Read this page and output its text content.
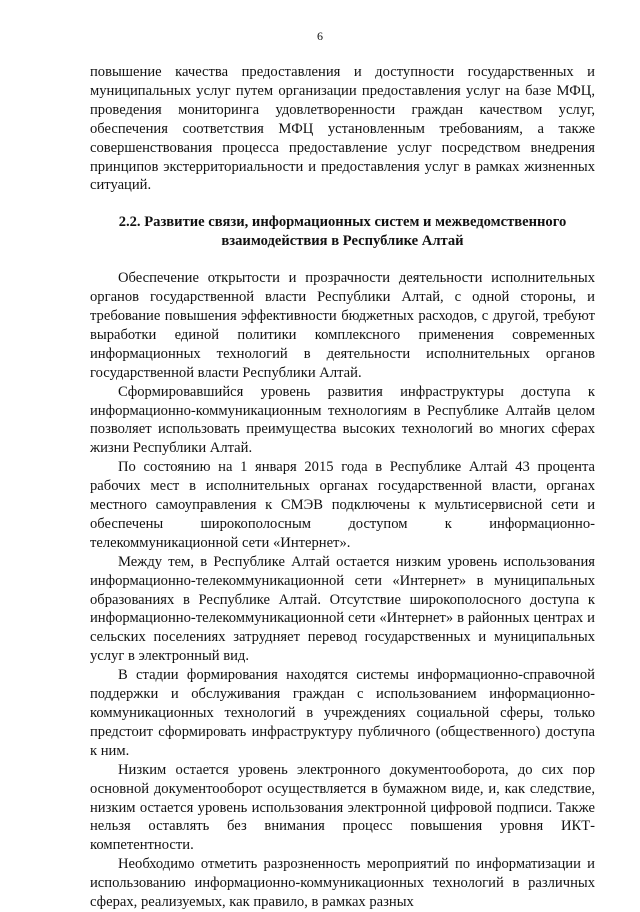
6

повышение качества предоставления и доступности государственных и муниципальных услуг путем организации предоставления услуг на базе МФЦ, проведения мониторинга удовлетворенности граждан качеством услуг, обеспечения соответствия МФЦ установленным требованиям, а также совершенствования процесса предоставление услуг посредством внедрения принципов экстерриториальности и предоставления услуг в рамках жизненных ситуаций.

2.2. Развитие связи, информационных систем и межведомственного взаимодействия в Республике Алтай

Обеспечение открытости и прозрачности деятельности исполнительных органов государственной власти Республики Алтай, с одной стороны, и требование повышения эффективности бюджетных расходов, с другой, требуют выработки единой политики комплексного применения современных информационных технологий в деятельности исполнительных органов государственной власти Республики Алтай.

Сформировавшийся уровень развития инфраструктуры доступа к информационно-коммуникационным технологиям в Республике Алтайв целом позволяет использовать преимущества высоких технологий во многих сферах жизни Республики Алтай.

По состоянию на 1 января 2015 года в Республике Алтай 43 процента рабочих мест в исполнительных органах государственной власти, органах местного самоуправления к СМЭВ подключены к мультисервисной сети и обеспечены широкополосным доступом к информационно-телекоммуникационной сети «Интернет».

Между тем, в Республике Алтай остается низким уровень использования информационно-телекоммуникационной сети «Интернет» в муниципальных образованиях в Республике Алтай. Отсутствие широкополосного доступа к информационно-телекоммуникационной сети «Интернет» в районных центрах и сельских поселениях затрудняет перевод государственных и муниципальных услуг в электронный вид.

В стадии формирования находятся системы информационно-справочной поддержки и обслуживания граждан с использованием информационно-коммуникационных технологий в учреждениях социальной сферы, только предстоит сформировать инфраструктуру публичного (общественного) доступа к ним.

Низким остается уровень электронного документооборота, до сих пор основной документооборот осуществляется в бумажном виде, и, как следствие, низким остается уровень использования электронной цифровой подписи. Также нельзя оставлять без внимания процесс повышения уровня ИКТ-компетентности.

Необходимо отметить разрозненность мероприятий по информатизации и использованию информационно-коммуникационных технологий в различных сферах, реализуемых, как правило, в рамках разных
